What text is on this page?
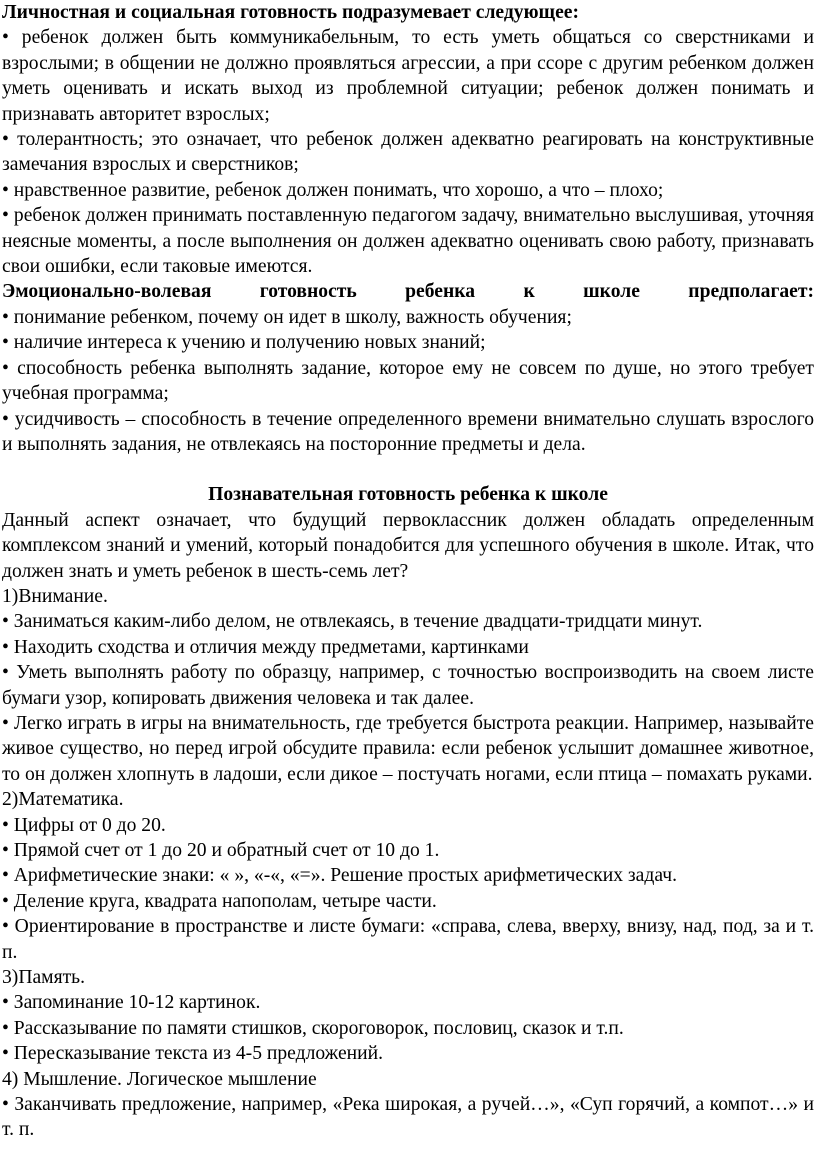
Личностная и социальная готовность подразумевает следующее:

• ребенок должен быть коммуникабельным, то есть уметь общаться со сверстниками и взрослыми; в общении не должно проявляться агрессии, а при ссоре с другим ребенком должен уметь оценивать и искать выход из проблемной ситуации; ребенок должен понимать и признавать авторитет взрослых;

• толерантность; это означает, что ребенок должен адекватно реагировать на конструктивные замечания взрослых и сверстников;

• нравственное развитие, ребенок должен понимать, что хорошо, а что – плохо;

• ребенок должен принимать поставленную педагогом задачу, внимательно выслушивая, уточняя неясные моменты, а после выполнения он должен адекватно оценивать свою работу, признавать свои ошибки, если таковые имеются.

Эмоционально-волевая готовность ребенка к школе предполагает:

• понимание ребенком, почему он идет в школу, важность обучения;

• наличие интереса к учению и получению новых знаний;

• способность ребенка выполнять задание, которое ему не совсем по душе, но этого требует учебная программа;

• усидчивость – способность в течение определенного времени внимательно слушать взрослого и выполнять задания, не отвлекаясь на посторонние предметы и дела.

Познавательная готовность ребенка к школе

Данный аспект означает, что будущий первоклассник должен обладать определенным комплексом знаний и умений, который понадобится для успешного обучения в школе. Итак, что должен знать и уметь ребенок в шесть-семь лет?

1)Внимание.

• Заниматься каким-либо делом, не отвлекаясь, в течение двадцати-тридцати минут.

• Находить сходства и отличия между предметами, картинками

• Уметь выполнять работу по образцу, например, с точностью воспроизводить на своем листе бумаги узор, копировать движения человека и так далее.

• Легко играть в игры на внимательность, где требуется быстрота реакции. Например, называйте живое существо, но перед игрой обсудите правила: если ребенок услышит домашнее животное, то он должен хлопнуть в ладоши, если дикое – постучать ногами, если птица – помахать руками.

2)Математика.

• Цифры от 0 до 20.

• Прямой счет от 1 до 20 и обратный счет от 10 до 1.

• Арифметические знаки: « », «-«, «=». Решение простых арифметических задач.

• Деление круга, квадрата напополам, четыре части.

• Ориентирование в пространстве и листе бумаги: «справа, слева, вверху, внизу, над, под, за и т. п.

3)Память.

• Запоминание 10-12 картинок.

• Рассказывание по памяти стишков, скороговорок, пословиц, сказок и т.п.

• Пересказывание текста из 4-5 предложений.

4) Мышление. Логическое мышление

• Заканчивать предложение, например, «Река широкая, а ручей…», «Суп горячий, а компот…» и т. п.
